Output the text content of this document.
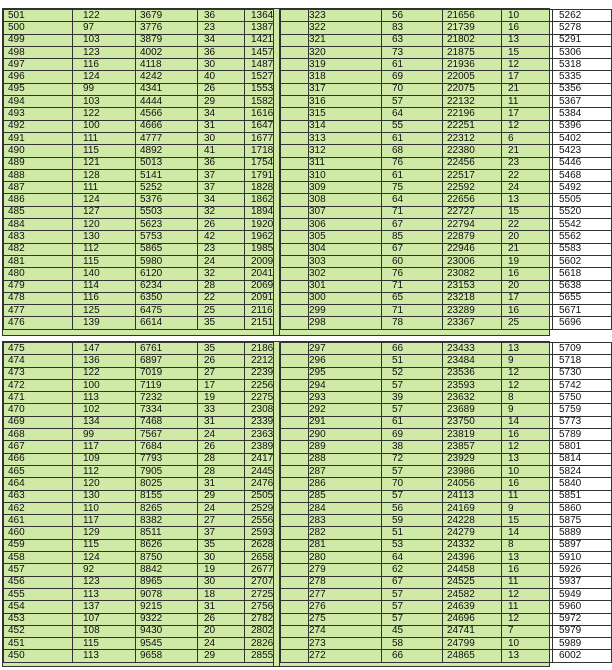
501	122	3679	36	1364
500	97	3776	23	1387
499	103	3879	34	1421
498	123	4002	36	1457
497	116	4118	30	1487
496	124	4242	40	1527
495	99	4341	26	1553
494	103	4444	29	1582
493	122	4566	34	1616
492	100	4666	31	1647
491	111	4777	30	1677
490	115	4892	41	1718
489	121	5013	36	1754
488	128	5141	37	1791
487	111	5252	37	1828
486	124	5376	34	1862
485	127	5503	32	1894
484	120	5623	26	1920
483	130	5753	42	1962
482	112	5865	23	1985
481	115	5980	24	2009
480	140	6120	32	2041
479	114	6234	28	2069
478	116	6350	22	2091
477	125	6475	25	2116
476	139	6614	35	2151
323	56	21656	10	5262
322	83	21739	16	5278
321	63	21802	13	5291
320	73	21875	15	5306
319	61	21936	12	5318
318	69	22005	17	5335
317	70	22075	21	5356
316	57	22132	11	5367
315	64	22196	17	5384
314	55	22251	12	5396
313	61	22312	6	5402
312	68	22380	21	5423
311	76	22456	23	5446
310	61	22517	22	5468
309	75	22592	24	5492
308	64	22656	13	5505
307	71	22727	15	5520
306	67	22794	22	5542
305	85	22879	20	5562
304	67	22946	21	5583
303	60	23006	19	5602
302	76	23082	16	5618
301	71	23153	20	5638
300	65	23218	17	5655
299	71	23289	16	5671
298	78	23367	25	5696
475	147	6761	35	2186
474	136	6897	26	2212
473	122	7019	27	2239
472	100	7119	17	2256
471	113	7232	19	2275
470	102	7334	33	2308
469	134	7468	31	2339
468	99	7567	24	2363
467	117	7684	26	2389
466	109	7793	28	2417
465	112	7905	28	2445
464	120	8025	31	2476
463	130	8155	29	2505
462	110	8265	24	2529
461	117	8382	27	2556
460	129	8511	37	2593
459	115	8626	35	2628
458	124	8750	30	2658
457	92	8842	19	2677
456	123	8965	30	2707
455	113	9078	18	2725
454	137	9215	31	2756
453	107	9322	26	2782
452	108	9430	20	2802
451	115	9545	24	2826
450	113	9658	29	2855
297	66	23433	13	5709
296	51	23484	9	5718
295	52	23536	12	5730
294	57	23593	12	5742
293	39	23632	8	5750
292	57	23689	9	5759
291	61	23750	14	5773
290	69	23819	16	5789
289	38	23857	12	5801
288	72	23929	13	5814
287	57	23986	10	5824
286	70	24056	16	5840
285	57	24113	11	5851
284	56	24169	9	5860
283	59	24228	15	5875
282	51	24279	14	5889
281	53	24332	8	5897
280	64	24396	13	5910
279	62	24458	16	5926
278	67	24525	11	5937
277	57	24582	12	5949
276	57	24639	11	5960
275	57	24696	12	5972
274	45	24741	7	5979
273	58	24799	10	5989
272	66	24865	13	6002
